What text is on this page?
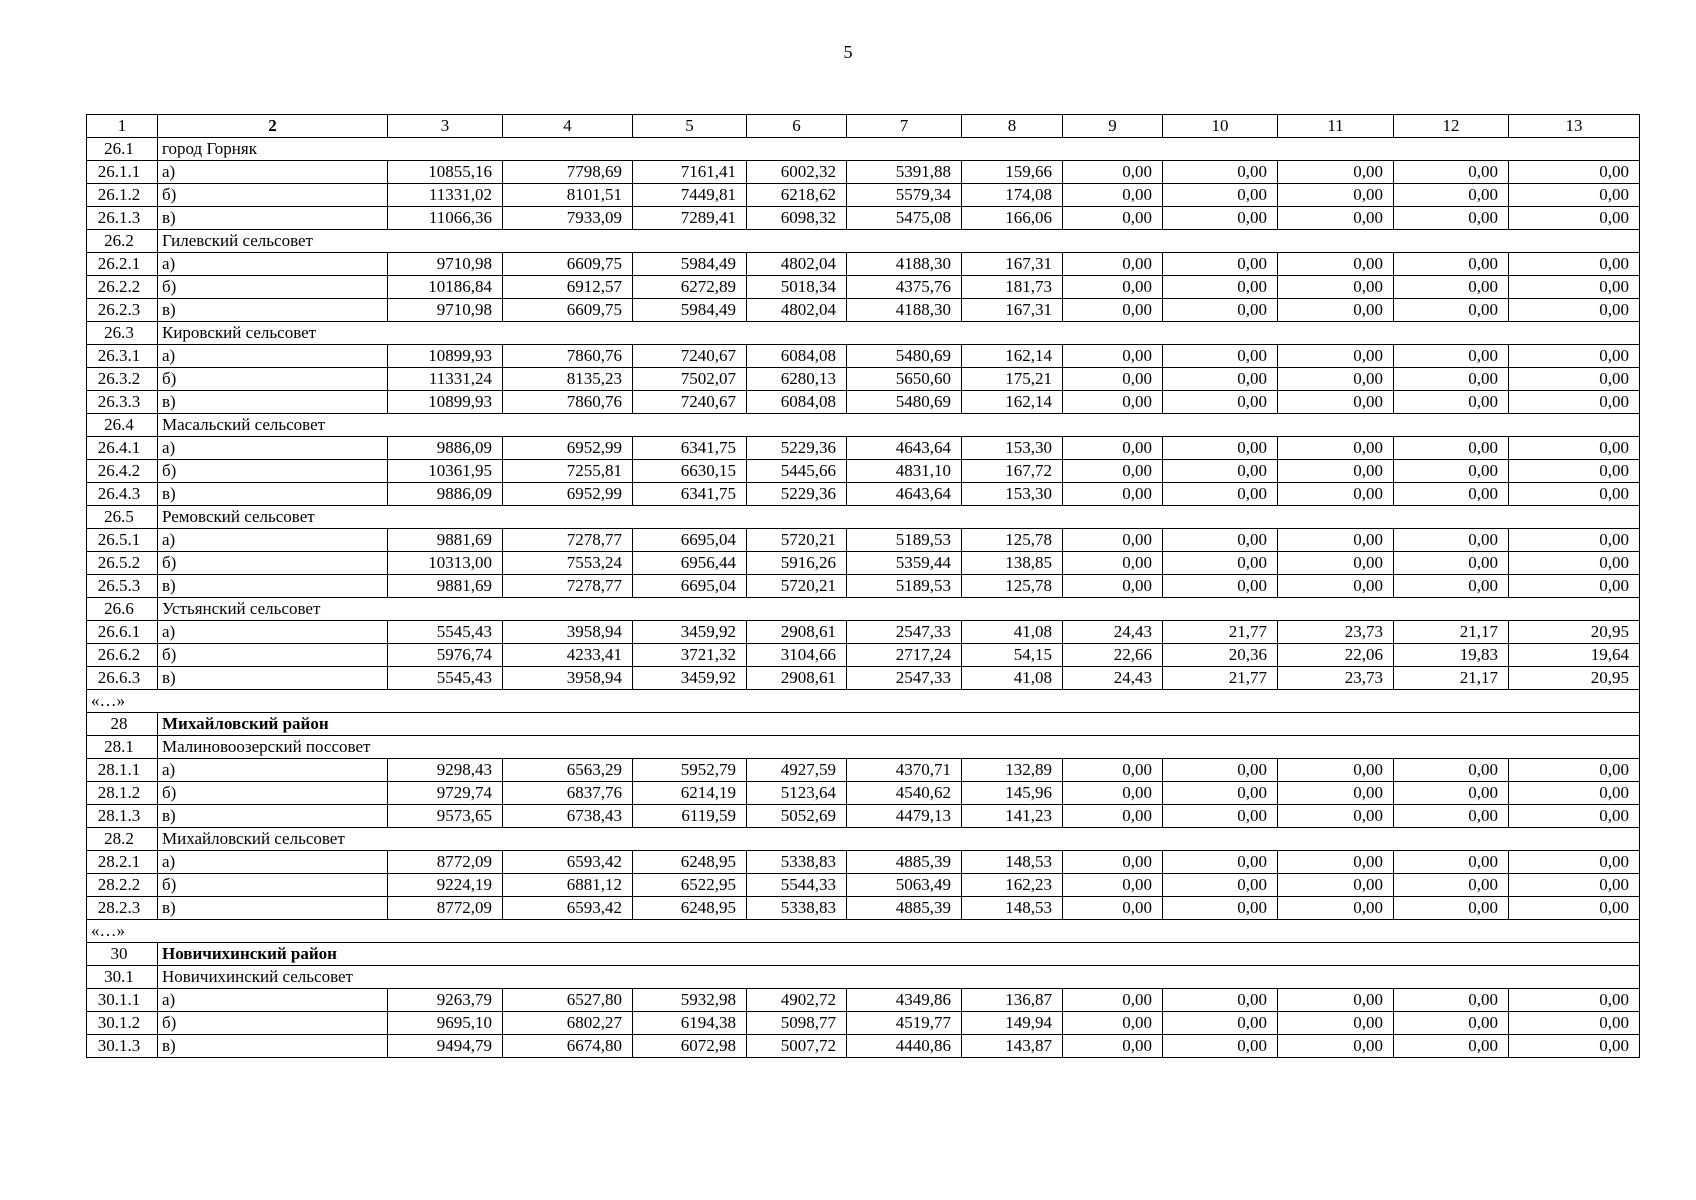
5
1	2	3	4	5	6	7	8	9	10	11	12	13
26.1	город Горняк											
26.1.1	а)	10855,16	7798,69	7161,41	6002,32	5391,88	159,66	0,00	0,00	0,00	0,00	0,00
26.1.2	б)	11331,02	8101,51	7449,81	6218,62	5579,34	174,08	0,00	0,00	0,00	0,00	0,00
26.1.3	в)	11066,36	7933,09	7289,41	6098,32	5475,08	166,06	0,00	0,00	0,00	0,00	0,00
26.2	Гилевский сельсовет											
26.2.1	а)	9710,98	6609,75	5984,49	4802,04	4188,30	167,31	0,00	0,00	0,00	0,00	0,00
26.2.2	б)	10186,84	6912,57	6272,89	5018,34	4375,76	181,73	0,00	0,00	0,00	0,00	0,00
26.2.3	в)	9710,98	6609,75	5984,49	4802,04	4188,30	167,31	0,00	0,00	0,00	0,00	0,00
26.3	Кировский сельсовет											
26.3.1	а)	10899,93	7860,76	7240,67	6084,08	5480,69	162,14	0,00	0,00	0,00	0,00	0,00
26.3.2	б)	11331,24	8135,23	7502,07	6280,13	5650,60	175,21	0,00	0,00	0,00	0,00	0,00
26.3.3	в)	10899,93	7860,76	7240,67	6084,08	5480,69	162,14	0,00	0,00	0,00	0,00	0,00
26.4	Масальский сельсовет											
26.4.1	а)	9886,09	6952,99	6341,75	5229,36	4643,64	153,30	0,00	0,00	0,00	0,00	0,00
26.4.2	б)	10361,95	7255,81	6630,15	5445,66	4831,10	167,72	0,00	0,00	0,00	0,00	0,00
26.4.3	в)	9886,09	6952,99	6341,75	5229,36	4643,64	153,30	0,00	0,00	0,00	0,00	0,00
26.5	Ремовский сельсовет											
26.5.1	а)	9881,69	7278,77	6695,04	5720,21	5189,53	125,78	0,00	0,00	0,00	0,00	0,00
26.5.2	б)	10313,00	7553,24	6956,44	5916,26	5359,44	138,85	0,00	0,00	0,00	0,00	0,00
26.5.3	в)	9881,69	7278,77	6695,04	5720,21	5189,53	125,78	0,00	0,00	0,00	0,00	0,00
26.6	Устьянский сельсовет											
26.6.1	а)	5545,43	3958,94	3459,92	2908,61	2547,33	41,08	24,43	21,77	23,73	21,17	20,95
26.6.2	б)	5976,74	4233,41	3721,32	3104,66	2717,24	54,15	22,66	20,36	22,06	19,83	19,64
26.6.3	в)	5545,43	3958,94	3459,92	2908,61	2547,33	41,08	24,43	21,77	23,73	21,17	20,95
«…»												
28	Михайловский район											
28.1	Малиновоозерский поссовет											
28.1.1	а)	9298,43	6563,29	5952,79	4927,59	4370,71	132,89	0,00	0,00	0,00	0,00	0,00
28.1.2	б)	9729,74	6837,76	6214,19	5123,64	4540,62	145,96	0,00	0,00	0,00	0,00	0,00
28.1.3	в)	9573,65	6738,43	6119,59	5052,69	4479,13	141,23	0,00	0,00	0,00	0,00	0,00
28.2	Михайловский сельсовет											
28.2.1	а)	8772,09	6593,42	6248,95	5338,83	4885,39	148,53	0,00	0,00	0,00	0,00	0,00
28.2.2	б)	9224,19	6881,12	6522,95	5544,33	5063,49	162,23	0,00	0,00	0,00	0,00	0,00
28.2.3	в)	8772,09	6593,42	6248,95	5338,83	4885,39	148,53	0,00	0,00	0,00	0,00	0,00
«…»												
30	Новичихинский район											
30.1	Новичихинский сельсовет											
30.1.1	а)	9263,79	6527,80	5932,98	4902,72	4349,86	136,87	0,00	0,00	0,00	0,00	0,00
30.1.2	б)	9695,10	6802,27	6194,38	5098,77	4519,77	149,94	0,00	0,00	0,00	0,00	0,00
30.1.3	в)	9494,79	6674,80	6072,98	5007,72	4440,86	143,87	0,00	0,00	0,00	0,00	0,00
